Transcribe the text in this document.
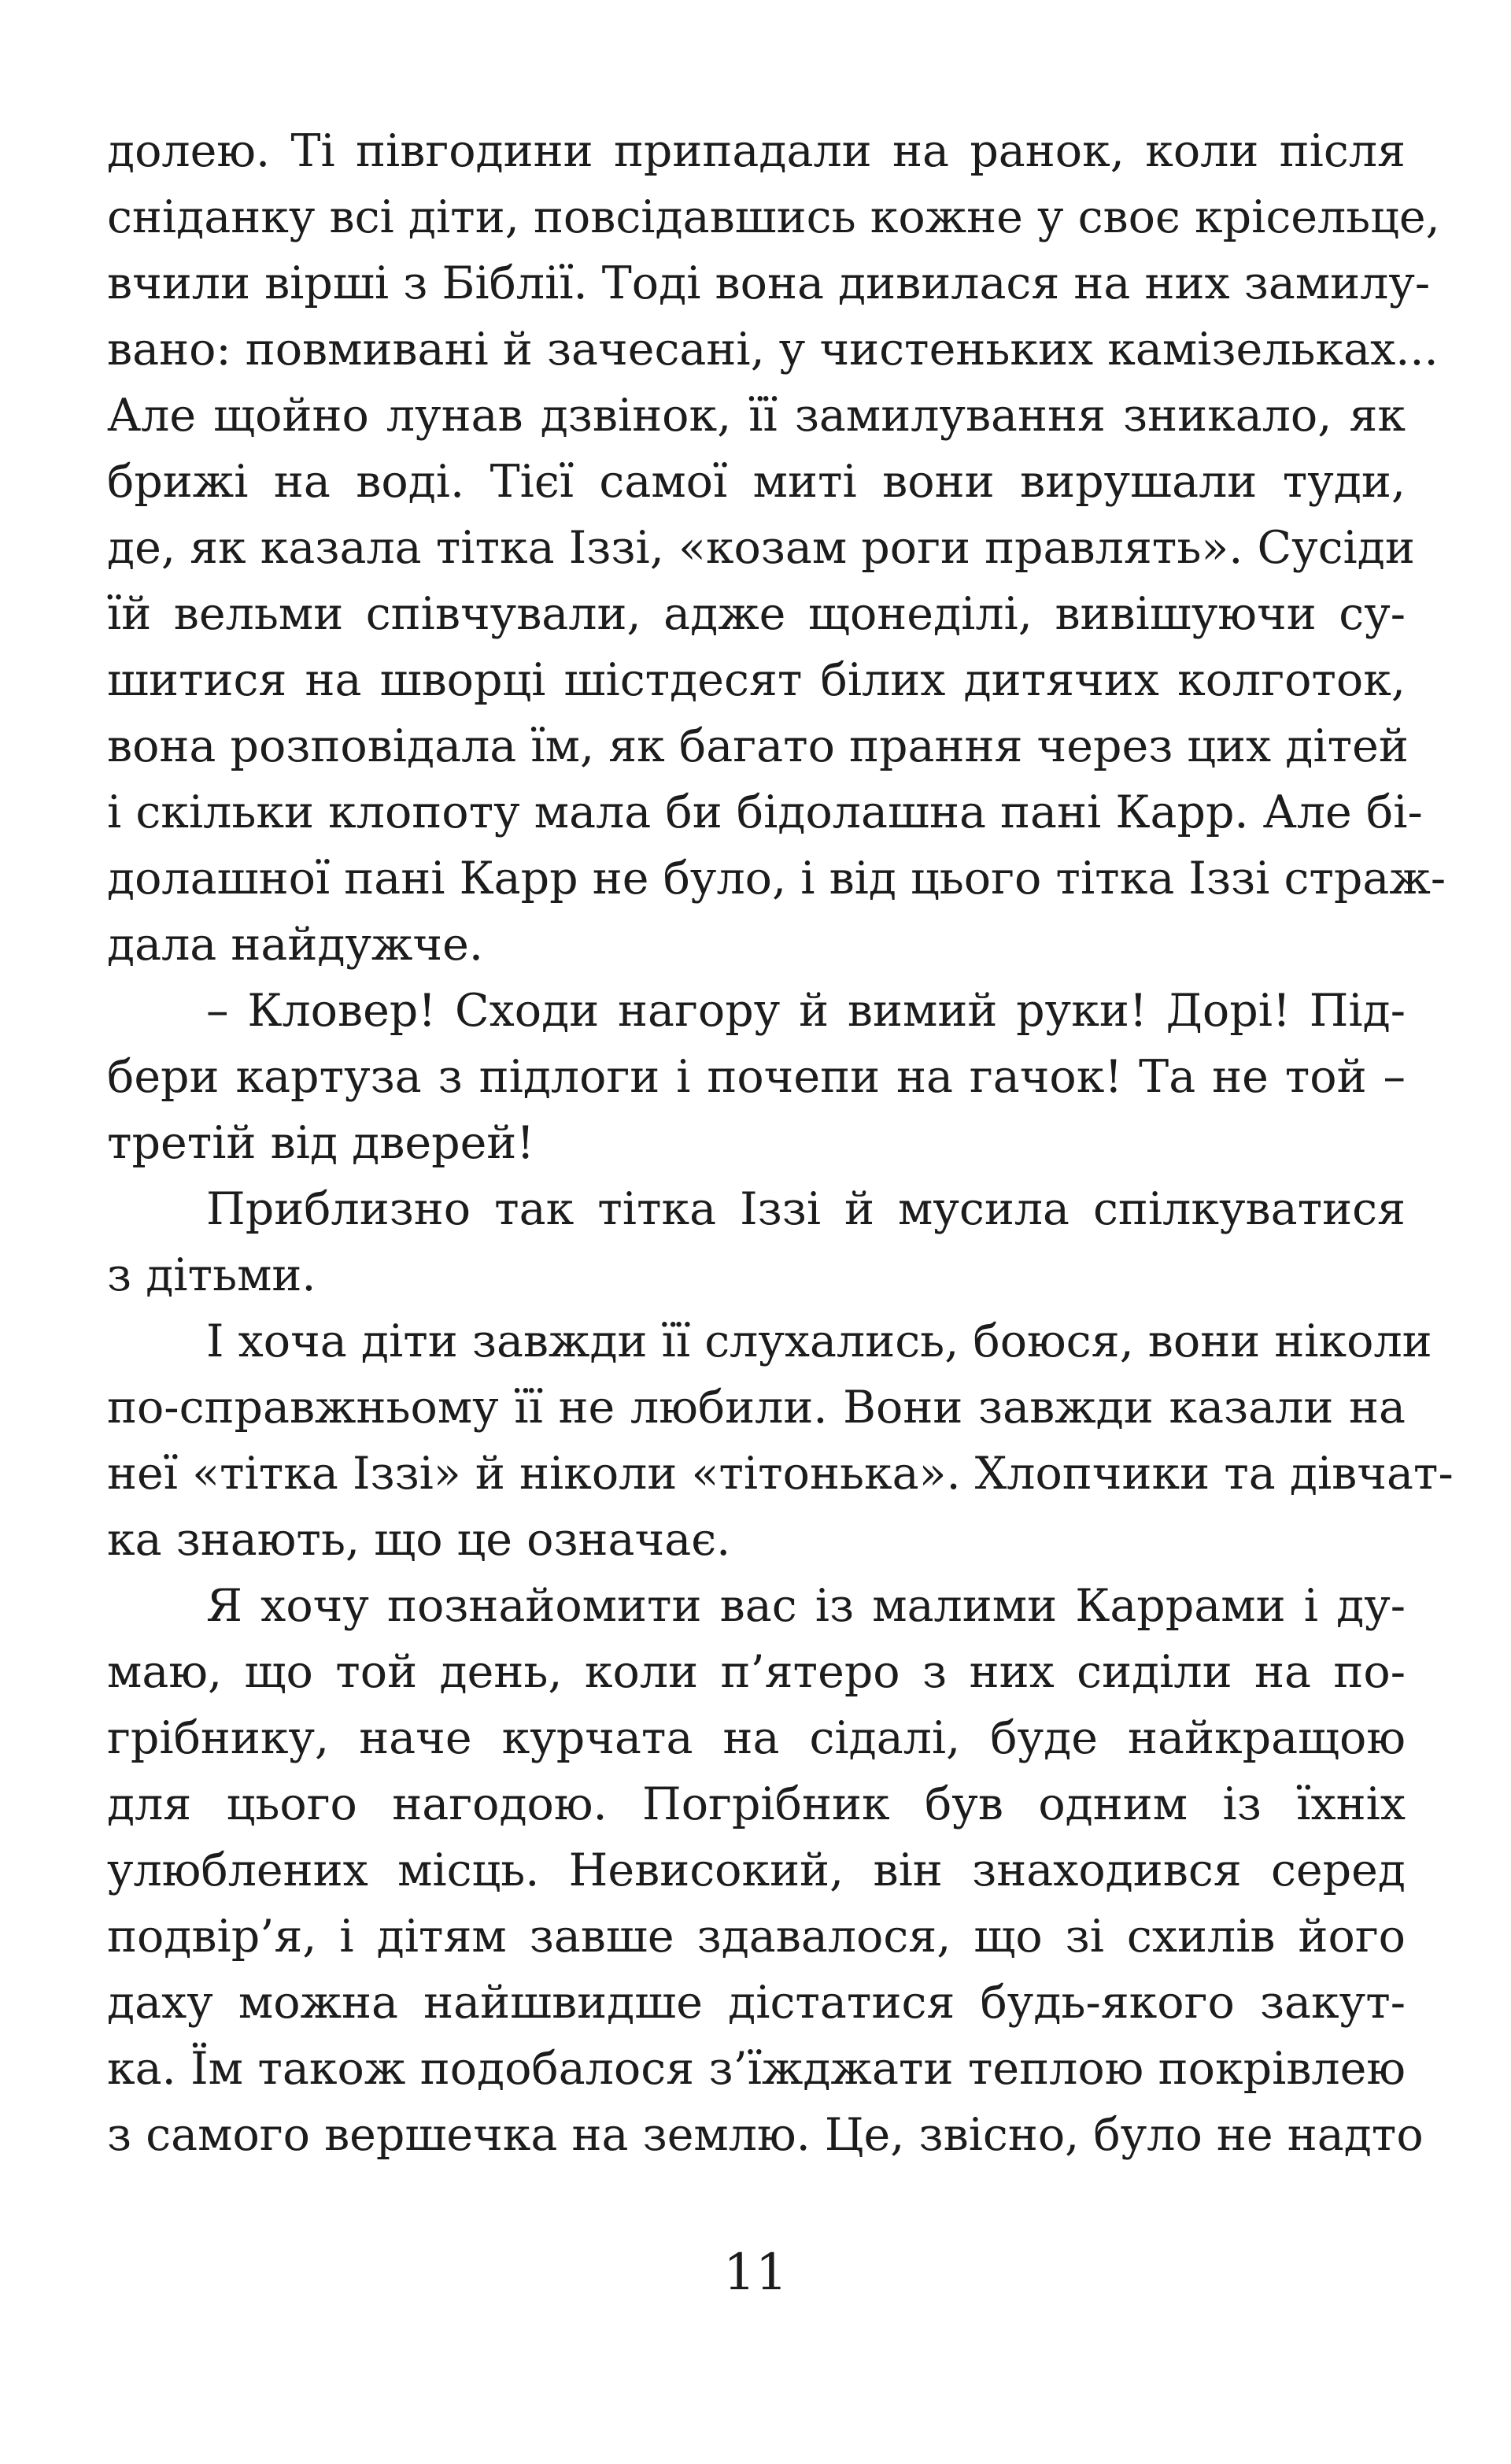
долею. Ті півгодини припадали на ранок, коли після
сніданку всі діти, повсідавшись кожне у своє крісельце,
вчили вірші з Біблії. Тоді вона дивилася на них замилу-
вано: повмивані й зачесані, у чистеньких камізельках...
Але щойно лунав дзвінок, її замилування зникало, як
брижі на воді. Тієї самої миті вони вирушали туди,
де, як казала тітка Іззі, «козам роги правлять». Сусіди
їй вельми співчували, адже щонеділі, вивішуючи су-
шитися на шворці шістдесят білих дитячих колготок,
вона розповідала їм, як багато прання через цих дітей
і скільки клопоту мала би бідолашна пані Карр. Але бі-
долашної пані Карр не було, і від цього тітка Іззі страж-
дала найдужче.
– Кловер! Сходи нагору й вимий руки! Дорі! Під-
бери картуза з підлоги і почепи на гачок! Та не той –
третій від дверей!
Приблизно так тітка Іззі й мусила спілкуватися
з дітьми.
І хоча діти завжди її слухались, боюся, вони ніколи
по-справжньому її не любили. Вони завжди казали на
неї «тітка Іззі» й ніколи «тітонька». Хлопчики та дівчат-
ка знають, що це означає.
Я хочу познайомити вас із малими Каррами і ду-
маю, що той день, коли п’ятеро з них сиділи на по-
грібнику, наче курчата на сідалі, буде найкращою
для цього нагодою. Погрібник був одним із їхніх
улюблених місць. Невисокий, він знаходився серед
подвір’я, і дітям завше здавалося, що зі схилів його
даху можна найшвидше дістатися будь-якого закут-
ка. Їм також подобалося з’їжджати теплою покрівлею
з самого вершечка на землю. Це, звісно, було не надто
11
